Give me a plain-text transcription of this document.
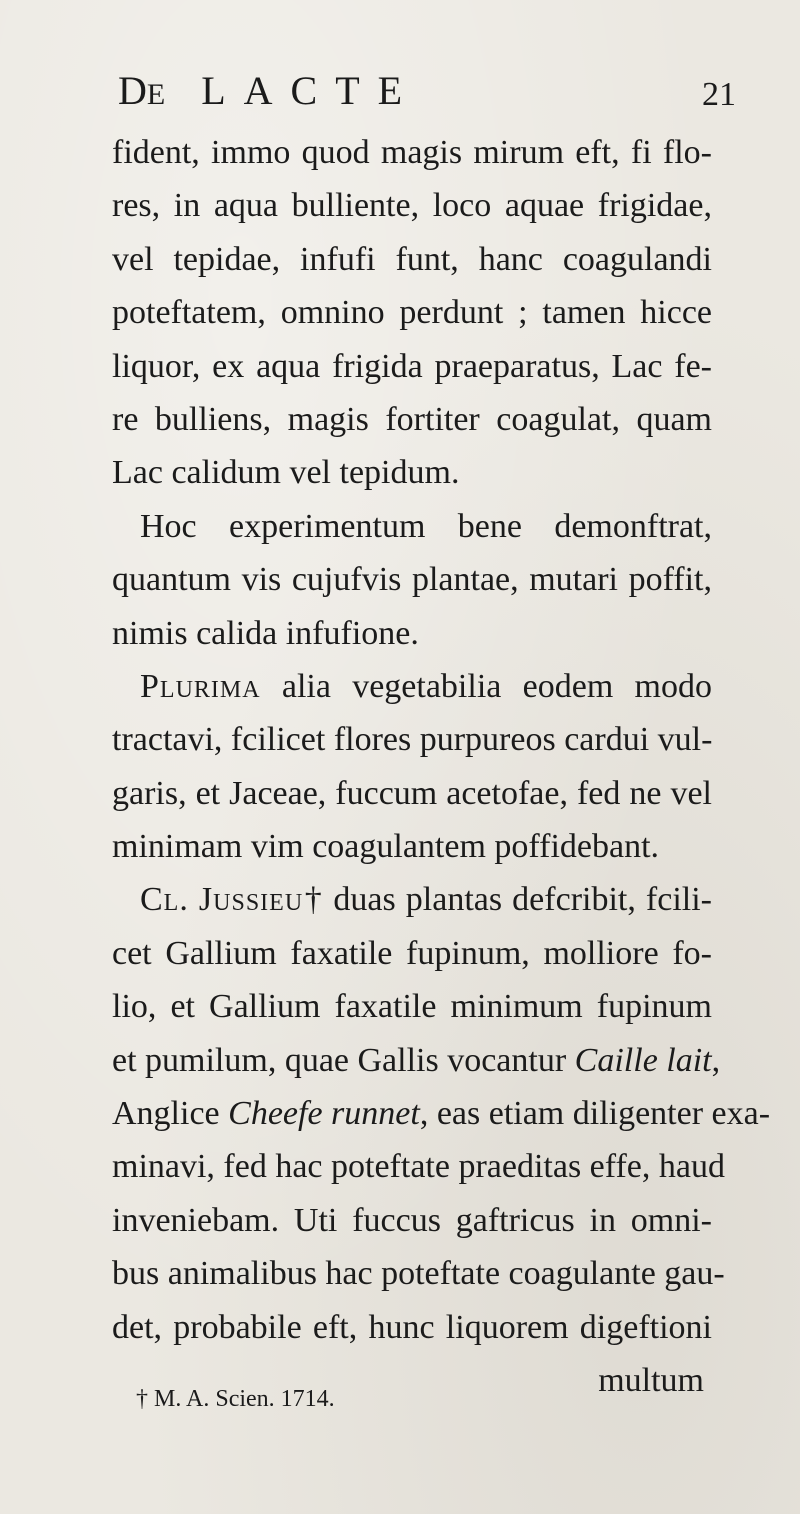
DE L A C T E	21
fident, immo quod magis mirum eft, fi flo-
res, in aqua bulliente, loco aquae frigidae,
vel tepidae, infufi funt, hanc coagulandi
poteftatem, omnino perdunt ; tamen hicce
liquor, ex aqua frigida praeparatus, Lac fe-
re bulliens, magis fortiter coagulat, quam
Lac calidum vel tepidum.
Hoc experimentum bene demonftrat,
quantum vis cujufvis plantae, mutari poffit,
nimis calida infufione.
Plurima alia vegetabilia eodem modo
tractavi, fcilicet flores purpureos cardui vul-
garis, et Jaceae, fuccum acetofae, fed ne vel
minimam vim coagulantem poffidebant.
Cl. Jussieu† duas plantas defcribit, fcili-
cet Gallium faxatile fupinum, molliore fo-
lio, et Gallium faxatile minimum fupinum
et pumilum, quae Gallis vocantur Caille lait,
Anglice Cheefe runnet, eas etiam diligenter exa-
minavi, fed hac poteftate praeditas effe, haud
inveniebam. Uti fuccus gaftricus in omni-
bus animalibus hac poteftate coagulante gau-
det, probabile eft, hunc liquorem digeftioni
multum
† M. A. Scien. 1714.
